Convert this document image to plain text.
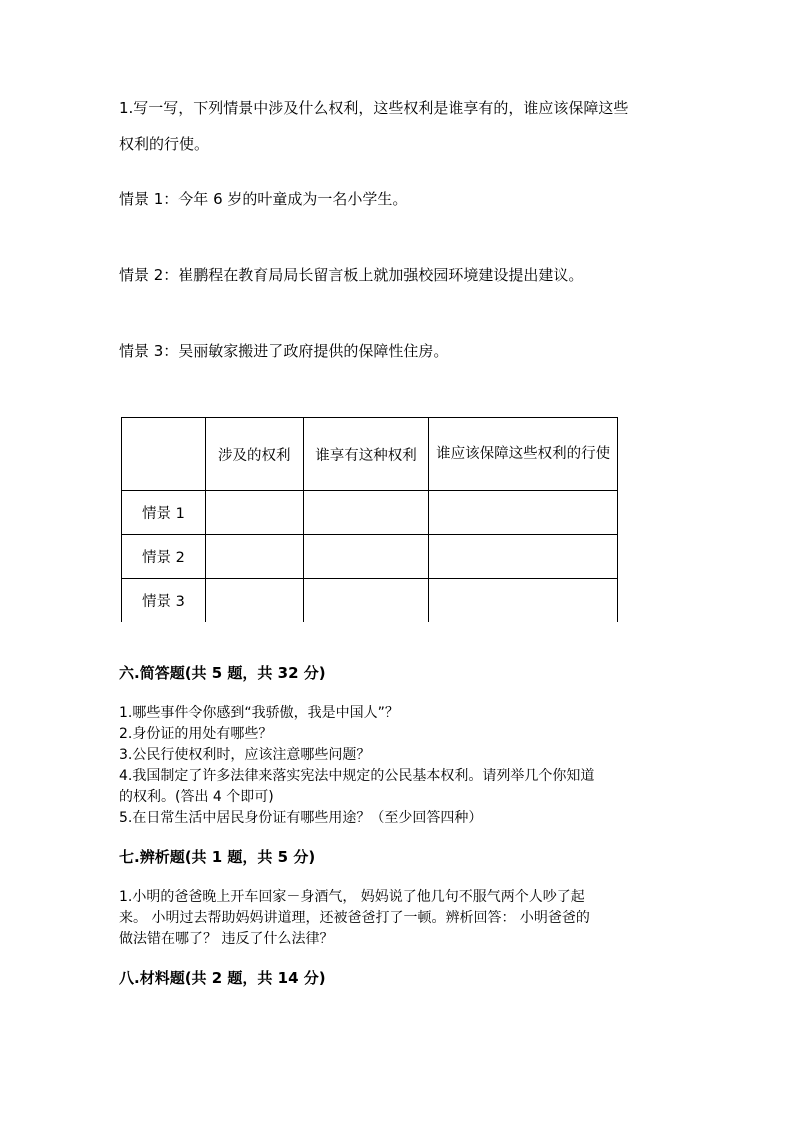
1.写一写，下列情景中涉及什么权利，这些权利是谁享有的，谁应该保障这些
权利的行使。
情景 1：今年 6 岁的叶童成为一名小学生。
情景 2：崔鹏程在教育局局长留言板上就加强校园环境建设提出建议。
情景 3：吴丽敏家搬进了政府提供的保障性住房。
	涉及的权利	谁享有这种权利	谁应该保障这些权利的行使

情景 1			
情景 2			
情景 3			
六.简答题(共 5 题，共 32 分)
1.哪些事件令你感到“我骄傲，我是中国人”？
2.身份证的用处有哪些？
3.公民行使权利时，应该注意哪些问题？
4.我国制定了许多法律来落实宪法中规定的公民基本权利。请列举几个你知道
的权利。(答出 4 个即可)
5.在日常生活中居民身份证有哪些用途？（至少回答四种）
七.辨析题(共 1 题，共 5 分)
1.小明的爸爸晚上开车回家－身酒气， 妈妈说了他几句不服气两个人吵了起
来。 小明过去帮助妈妈讲道理，还被爸爸打了一顿。辨析回答： 小明爸爸的
做法错在哪了？ 违反了什么法律？
八.材料题(共 2 题，共 14 分)
